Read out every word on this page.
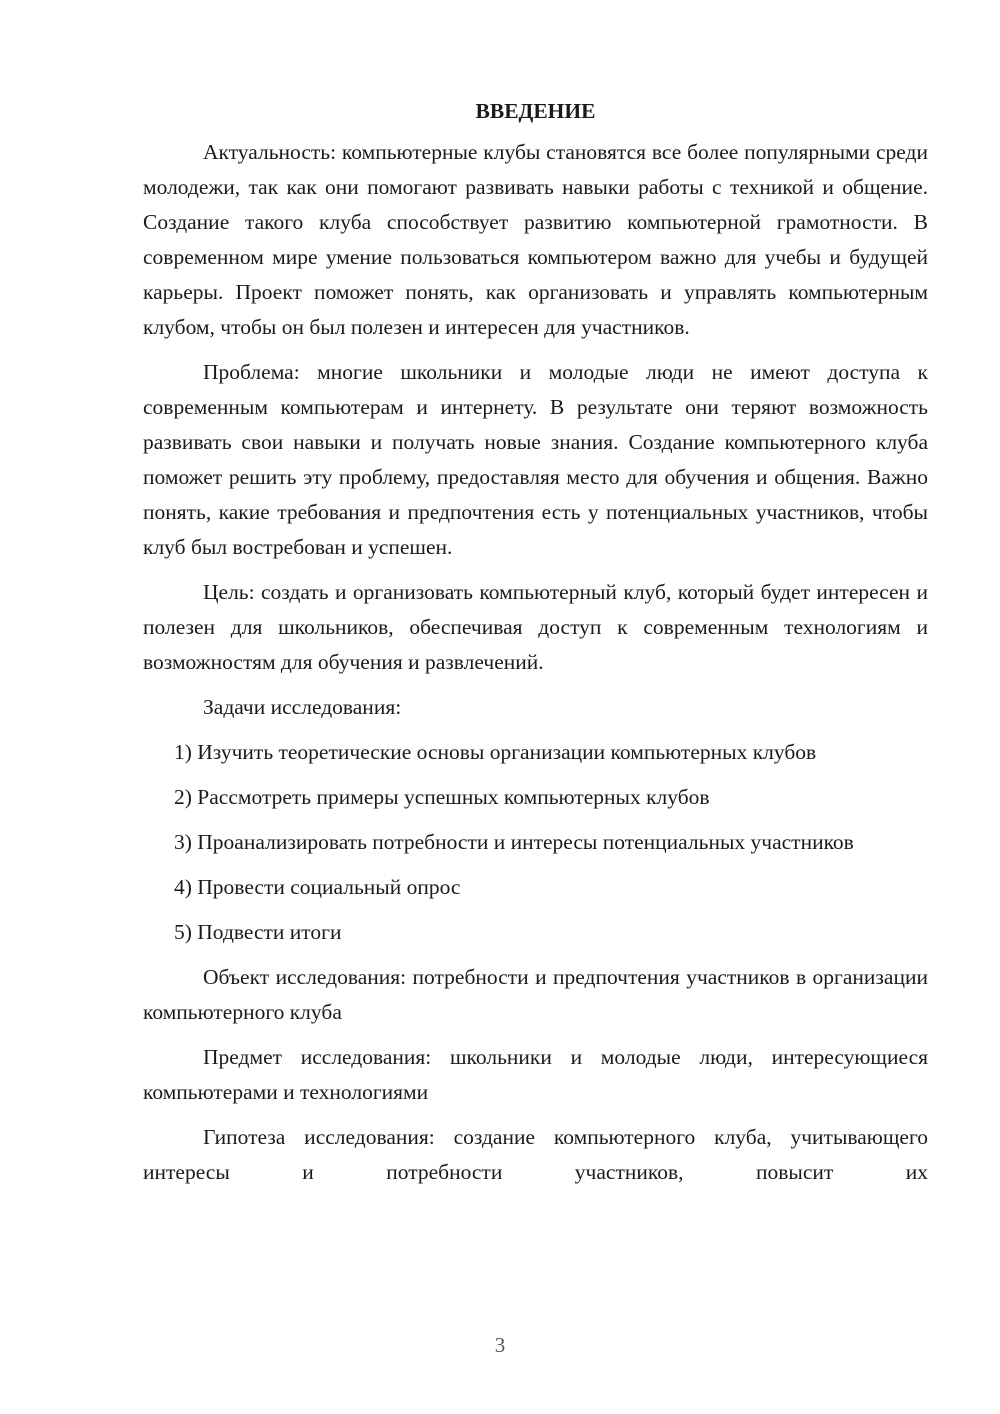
ВВЕДЕНИЕ

Актуальность: компьютерные клубы становятся все более популярными среди молодежи, так как они помогают развивать навыки работы с техникой и общение. Создание такого клуба способствует развитию компьютерной грамотности. В современном мире умение пользоваться компьютером важно для учебы и будущей карьеры. Проект поможет понять, как организовать и управлять компьютерным клубом, чтобы он был полезен и интересен для участников.

Проблема: многие школьники и молодые люди не имеют доступа к современным компьютерам и интернету. В результате они теряют возможность развивать свои навыки и получать новые знания. Создание компьютерного клуба поможет решить эту проблему, предоставляя место для обучения и общения. Важно понять, какие требования и предпочтения есть у потенциальных участников, чтобы клуб был востребован и успешен.

Цель: создать и организовать компьютерный клуб, который будет интересен и полезен для школьников, обеспечивая доступ к современным технологиям и возможностям для обучения и развлечений.

Задачи исследования:

1) Изучить теоретические основы организации компьютерных клубов

2) Рассмотреть примеры успешных компьютерных клубов

3) Проанализировать потребности и интересы потенциальных участников

4) Провести социальный опрос

5) Подвести итоги

Объект исследования: потребности и предпочтения участников в организации компьютерного клуба

Предмет исследования: школьники и молодые люди, интересующиеся компьютерами и технологиями

Гипотеза исследования: создание компьютерного клуба, учитывающего интересы и потребности участников, повысит их

3
